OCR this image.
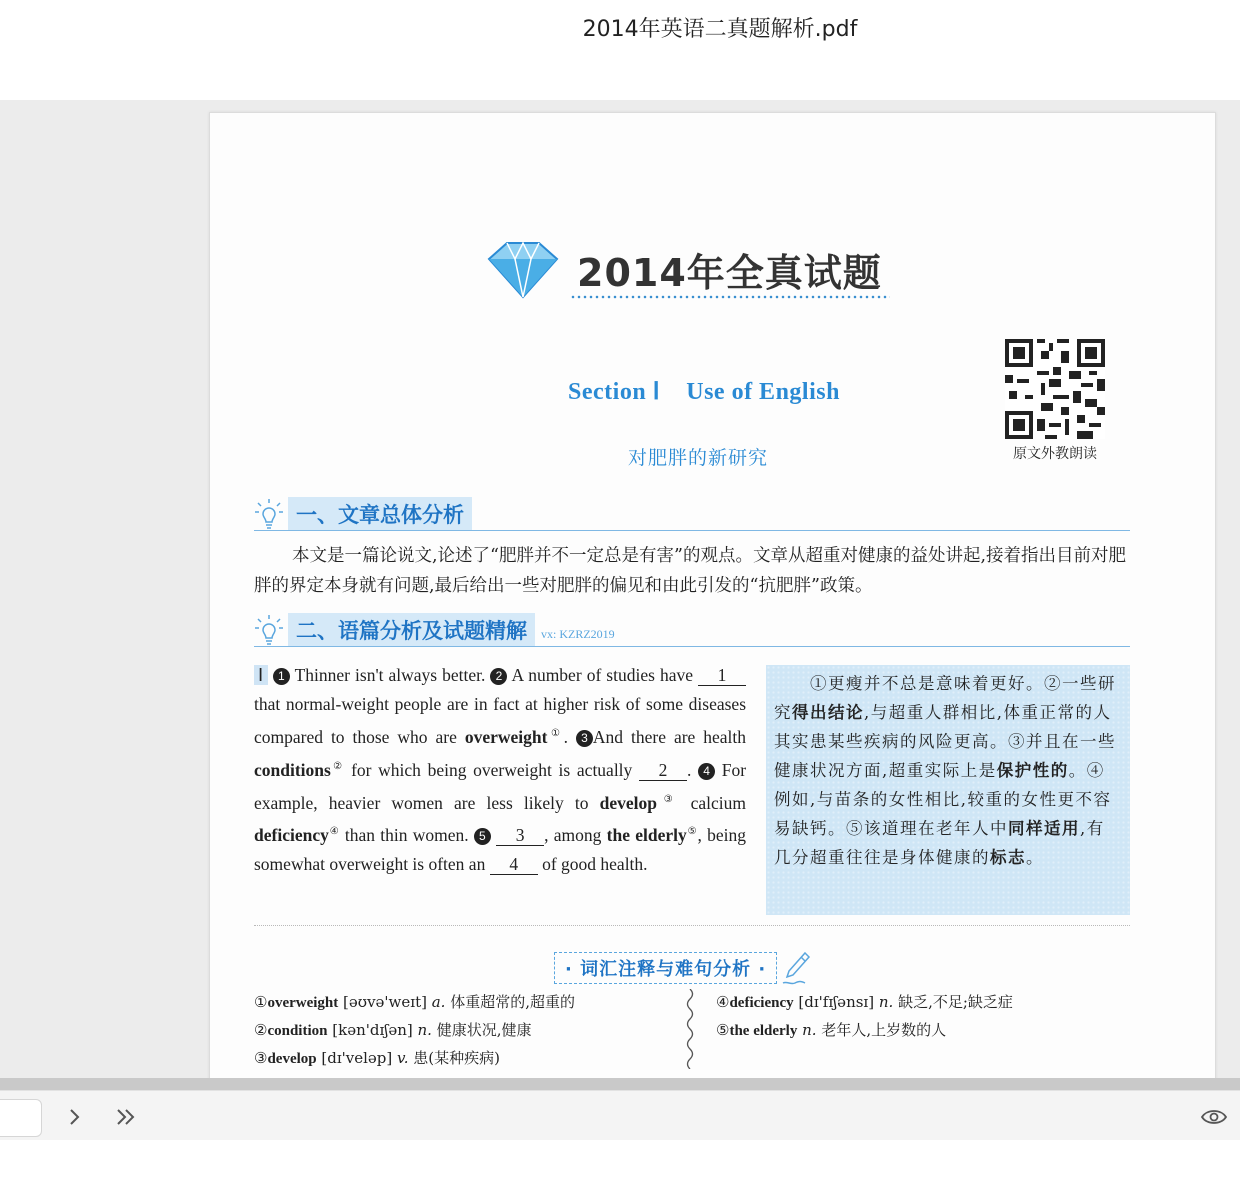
2014年英语二真题解析.pdf
2014年全真试题
Section Ⅰ    Use of English
原文外教朗读
对肥胖的新研究
一、文章总体分析
本文是一篇论说文,论述了“肥胖并不一定总是有害”的观点。文章从超重对健康的益处讲起,接着指出目前对肥胖的界定本身就有问题,最后给出一些对肥胖的偏见和由此引发的“抗肥胖”政策。
二、语篇分析及试题精解	vx: KZRZ2019
Ⅰ 1 Thinner isn't always better. 2 A number of studies have 1 that normal-weight people are in fact at higher risk of some diseases compared to those who are overweight①. 3 And there are health conditions② for which being overweight is actually 2 . 4 For example, heavier women are less likely to develop③ calcium deficiency④ than thin women. 5 3 , among the elderly⑤, being somewhat overweight is often an 4 of good health.
①更瘦并不总是意味着更好。②一些研究得出结论,与超重人群相比,体重正常的人其实患某些疾病的风险更高。③并且在一些健康状况方面,超重实际上是保护性的。④例如,与苗条的女性相比,较重的女性更不容易缺钙。⑤该道理在老年人中同样适用,有几分超重往往是身体健康的标志。
· 词汇注释与难句分析 ·
①overweight [əʊvə'weɪt] a. 体重超常的,超重的
②condition [kən'dɪʃən] n. 健康状况,健康
③develop [dɪ'veləp] v. 患(某种疾病)
④deficiency [dɪ'fɪʃənsɪ] n. 缺乏,不足;缺乏症
⑤the elderly n. 老年人,上岁数的人
